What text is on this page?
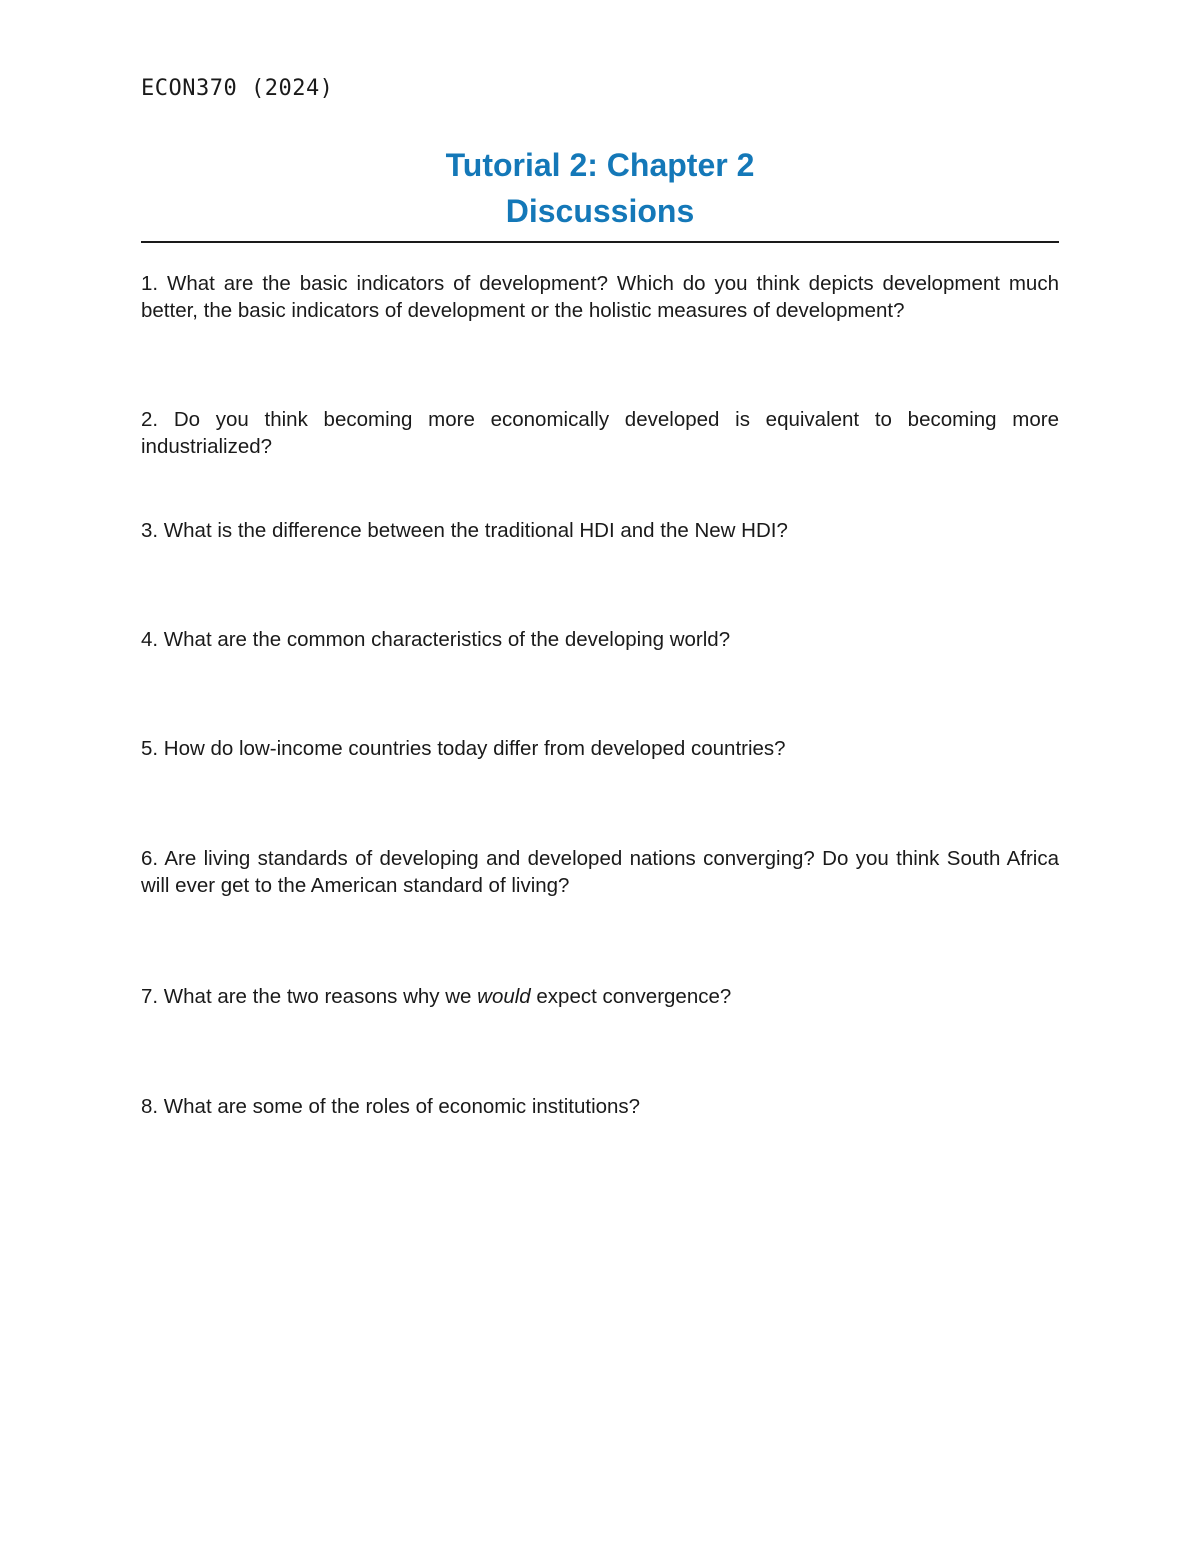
ECON370 (2024)
Tutorial 2: Chapter 2
Discussions
1. What are the basic indicators of development? Which do you think depicts development much better, the basic indicators of development or the holistic measures of development?
2. Do you think becoming more economically developed is equivalent to becoming more industrialized?
3. What is the difference between the traditional HDI and the New HDI?
4. What are the common characteristics of the developing world?
5. How do low-income countries today differ from developed countries?
6. Are living standards of developing and developed nations converging? Do you think South Africa will ever get to the American standard of living?
7. What are the two reasons why we would expect convergence?
8. What are some of the roles of economic institutions?
